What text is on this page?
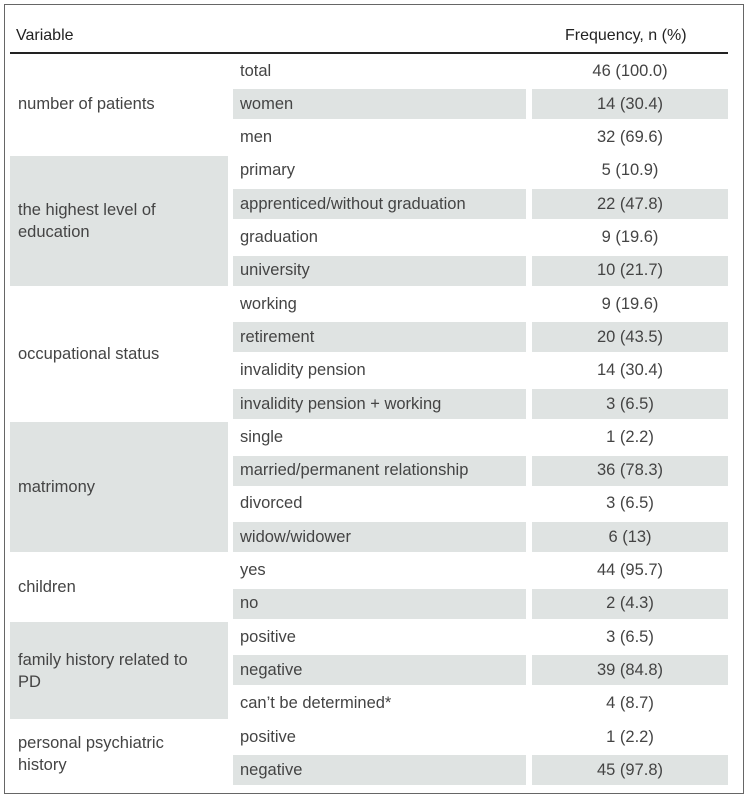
Variable	Frequency, n (%)
number of patients
total	46 (100.0)
women	14 (30.4)
men	32 (69.6)
the highest level of education
primary	5 (10.9)
apprenticed/without graduation	22 (47.8)
graduation	9 (19.6)
university	10 (21.7)
occupational status
working	9 (19.6)
retirement	20 (43.5)
invalidity pension	14 (30.4)
invalidity pension + working	3 (6.5)
matrimony
single	1 (2.2)
married/permanent relationship	36 (78.3)
divorced	3 (6.5)
widow/widower	6 (13)
children
yes	44 (95.7)
no	2 (4.3)
family history related to PD
positive	3 (6.5)
negative	39 (84.8)
can’t be determined*	4 (8.7)
personal psychiatric history
positive	1 (2.2)
negative	45 (97.8)
